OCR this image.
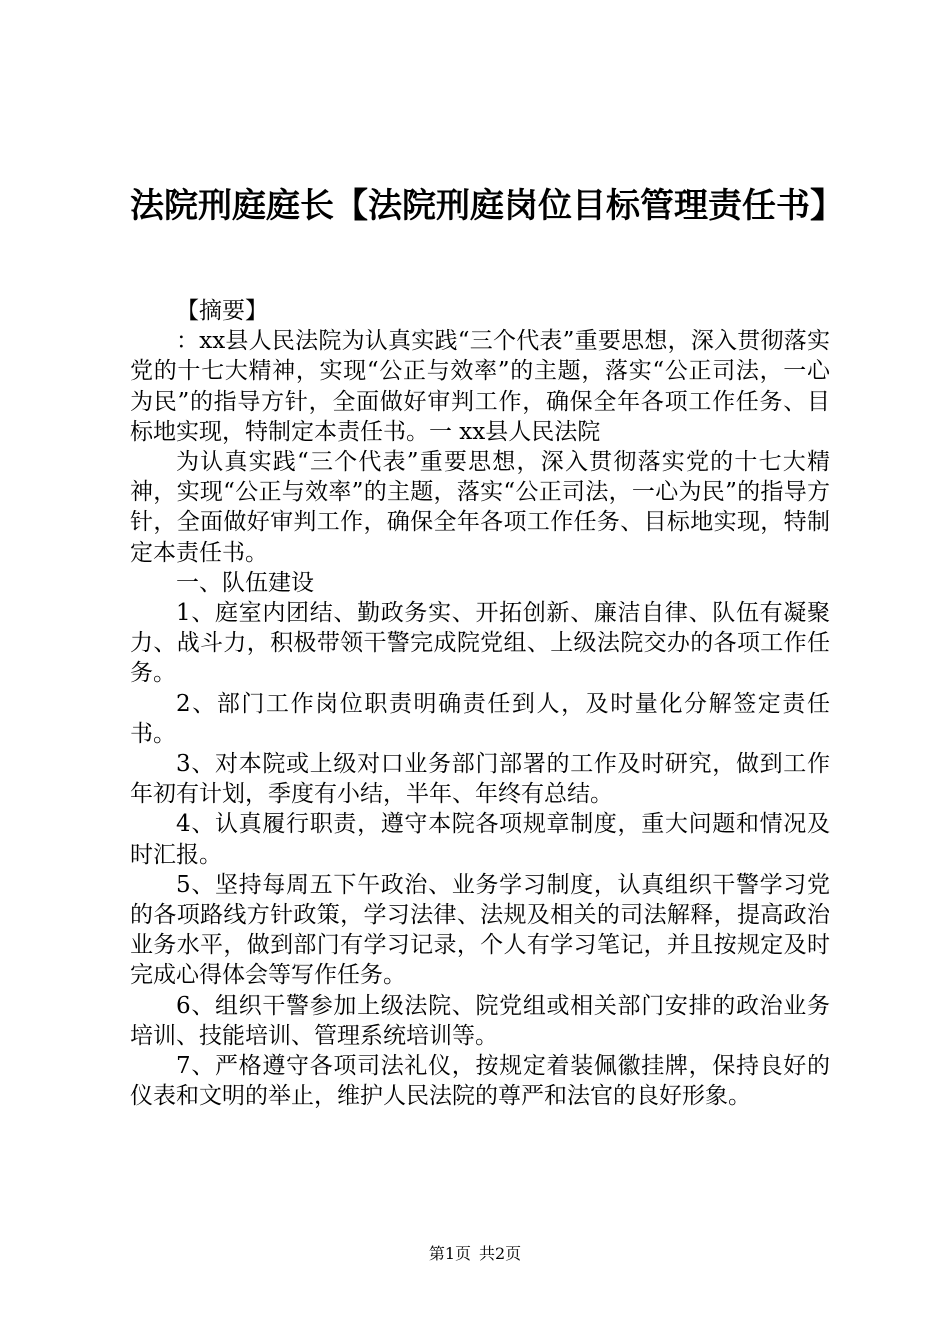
法院刑庭庭长【法院刑庭岗位目标管理责任书】

【摘要】

：xx县人民法院为认真实践“三个代表”重要思想，深入贯彻落实党的十七大精神，实现“公正与效率”的主题，落实“公正司法，一心为民”的指导方针，全面做好审判工作，确保全年各项工作任务、目标地实现，特制定本责任书。一 xx县人民法院

为认真实践“三个代表”重要思想，深入贯彻落实党的十七大精神，实现“公正与效率”的主题，落实“公正司法，一心为民”的指导方针，全面做好审判工作，确保全年各项工作任务、目标地实现，特制定本责任书。

一、队伍建设

1、庭室内团结、勤政务实、开拓创新、廉洁自律、队伍有凝聚力、战斗力，积极带领干警完成院党组、上级法院交办的各项工作任务。

2、部门工作岗位职责明确责任到人，及时量化分解签定责任书。

3、对本院或上级对口业务部门部署的工作及时研究，做到工作年初有计划，季度有小结，半年、年终有总结。

4、认真履行职责，遵守本院各项规章制度，重大问题和情况及时汇报。

5、坚持每周五下午政治、业务学习制度，认真组织干警学习党的各项路线方针政策，学习法律、法规及相关的司法解释，提高政治业务水平，做到部门有学习记录，个人有学习笔记，并且按规定及时完成心得体会等写作任务。

6、组织干警参加上级法院、院党组或相关部门安排的政治业务培训、技能培训、管理系统培训等。

7、严格遵守各项司法礼仪，按规定着装佩徽挂牌，保持良好的仪表和文明的举止，维护人民法院的尊严和法官的良好形象。

第1页 共2页
